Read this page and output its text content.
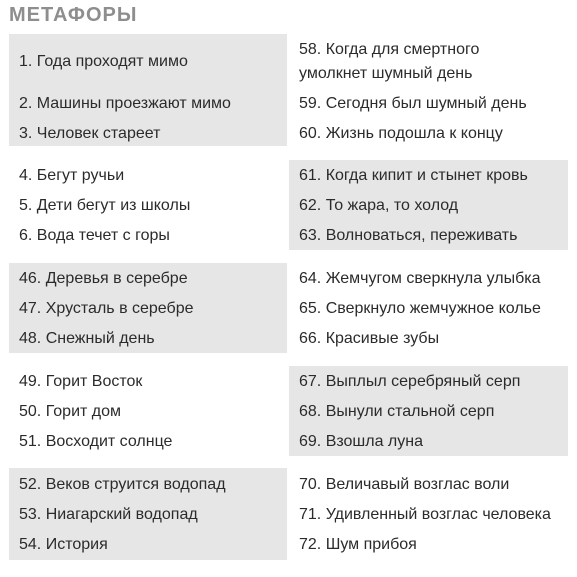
МЕТАФОРЫ
1. Года проходят мимо
2. Машины проезжают мимо
3. Человек стареет
4. Бегут ручьи
5. Дети бегут из школы
6. Вода течет с горы
46. Деревья в серебре
47. Хрусталь в серебре
48. Снежный день
49. Горит Восток
50. Горит дом
51. Восходит солнце
52. Веков струится водопад
53. Ниагарский водопад
54. История
58. Когда для смертного
умолкнет шумный день
59. Сегодня был шумный день
60. Жизнь подошла к концу
61. Когда кипит и стынет кровь
62. То жара, то холод
63. Волноваться, переживать
64. Жемчугом сверкнула улыбка
65. Сверкнуло жемчужное колье
66. Красивые зубы
67. Выплыл серебряный серп
68. Вынули стальной серп
69. Взошла луна
70. Величавый возглас воли
71. Удивленный возглас человека
72. Шум прибоя
